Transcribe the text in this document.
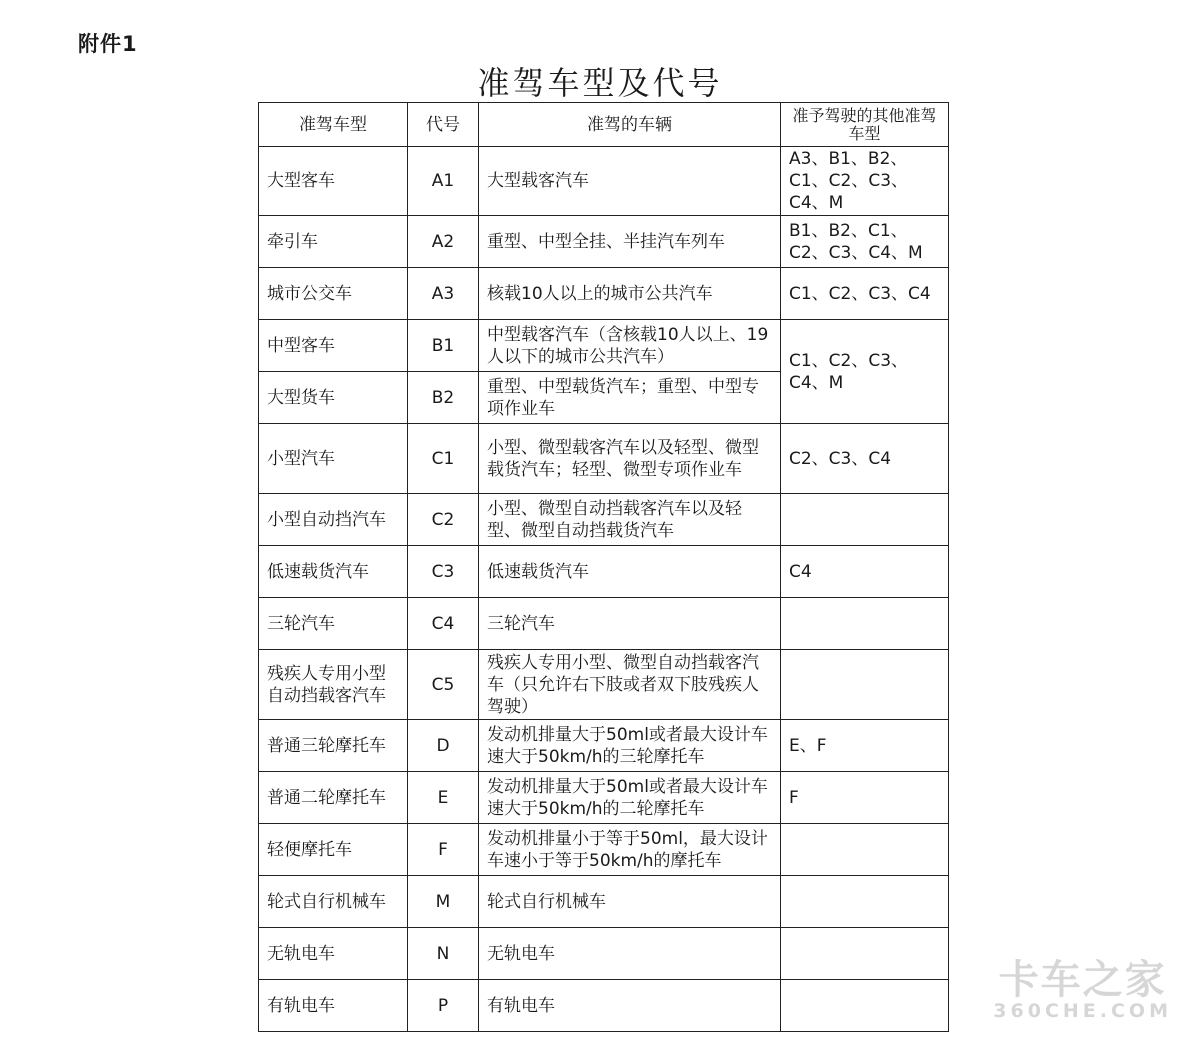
附件1
准驾车型及代号
准驾车型	代号	准驾的车辆	准予驾驶的其他准驾车型
大型客车	A1	大型载客汽车	A3、B1、B2、C1、C2、C3、C4、M
牵引车	A2	重型、中型全挂、半挂汽车列车	B1、B2、C1、C2、C3、C4、M
城市公交车	A3	核载10人以上的城市公共汽车	C1、C2、C3、C4
中型客车	B1	中型载客汽车（含核载10人以上、19人以下的城市公共汽车）	C1、C2、C3、C4、M
大型货车	B2	重型、中型载货汽车；重型、中型专项作业车	
小型汽车	C1	小型、微型载客汽车以及轻型、微型载货汽车；轻型、微型专项作业车	C2、C3、C4
小型自动挡汽车	C2	小型、微型自动挡载客汽车以及轻型、微型自动挡载货汽车	
低速载货汽车	C3	低速载货汽车	C4
三轮汽车	C4	三轮汽车	
残疾人专用小型自动挡载客汽车	C5	残疾人专用小型、微型自动挡载客汽车（只允许右下肢或者双下肢残疾人驾驶）	
普通三轮摩托车	D	发动机排量大于50ml或者最大设计车速大于50km/h的三轮摩托车	E、F
普通二轮摩托车	E	发动机排量大于50ml或者最大设计车速大于50km/h的二轮摩托车	F
轻便摩托车	F	发动机排量小于等于50ml，最大设计车速小于等于50km/h的摩托车	
轮式自行机械车	M	轮式自行机械车	
无轨电车	N	无轨电车	
有轨电车	P	有轨电车	
卡车之家
360CHE.COM
